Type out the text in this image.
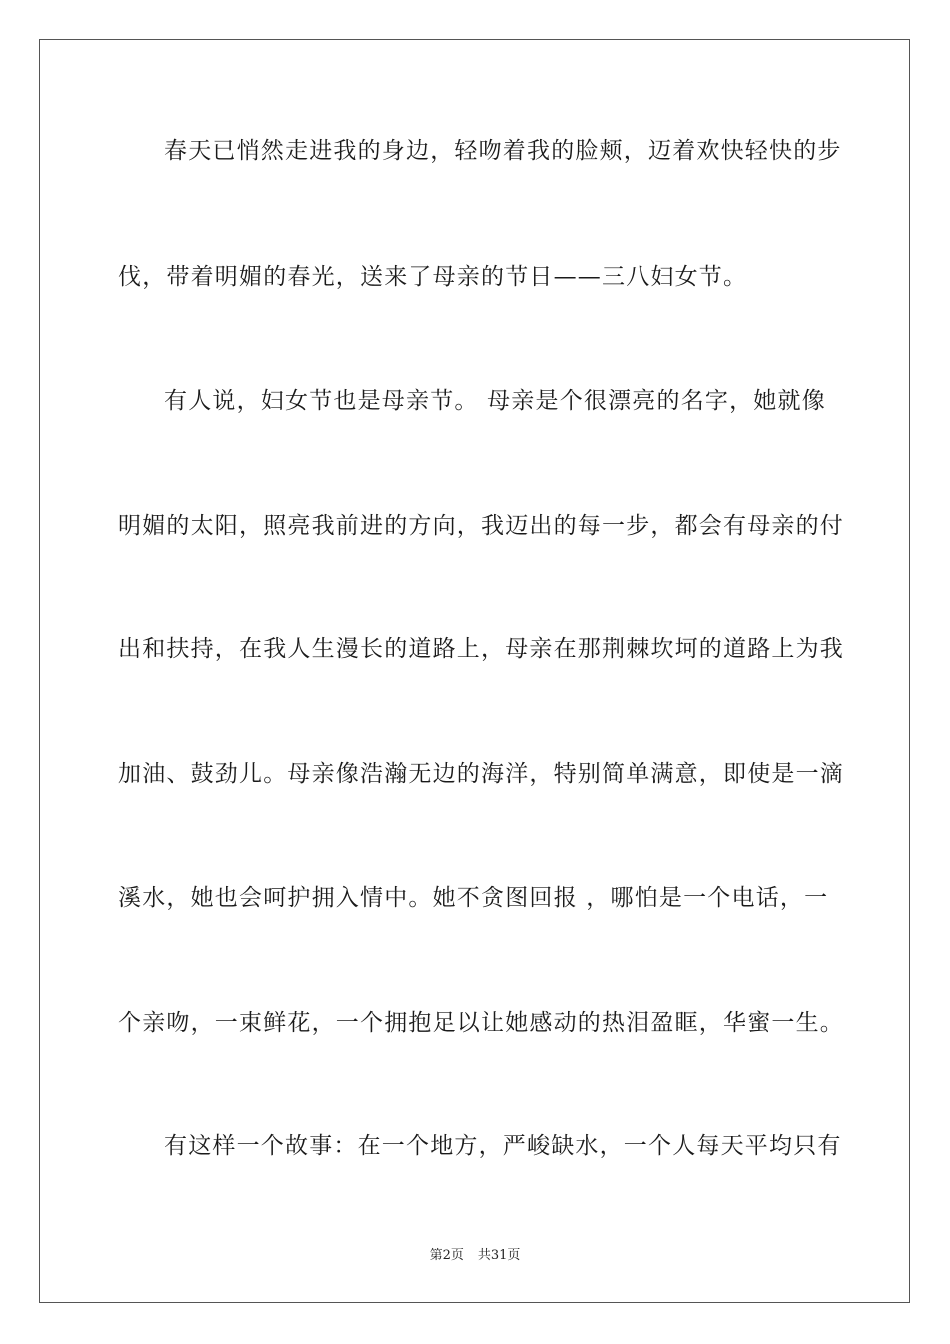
春天已悄然走进我的身边，轻吻着我的脸颊，迈着欢快轻快的步
伐，带着明媚的春光，送来了母亲的节日——三八妇女节。
有人说，妇女节也是母亲节。 母亲是个很漂亮的名字，她就像
明媚的太阳，照亮我前进的方向，我迈出的每一步，都会有母亲的付
出和扶持，在我人生漫长的道路上，母亲在那荆棘坎坷的道路上为我
加油、鼓劲儿。母亲像浩瀚无边的海洋，特别简单满意，即使是一滴
溪水，她也会呵护拥入情中。她不贪图回报 ，哪怕是一个电话，一
个亲吻，一束鲜花，一个拥抱足以让她感动的热泪盈眶，华蜜一生。
有这样一个故事：在一个地方，严峻缺水，一个人每天平均只有
第2页 共31页
